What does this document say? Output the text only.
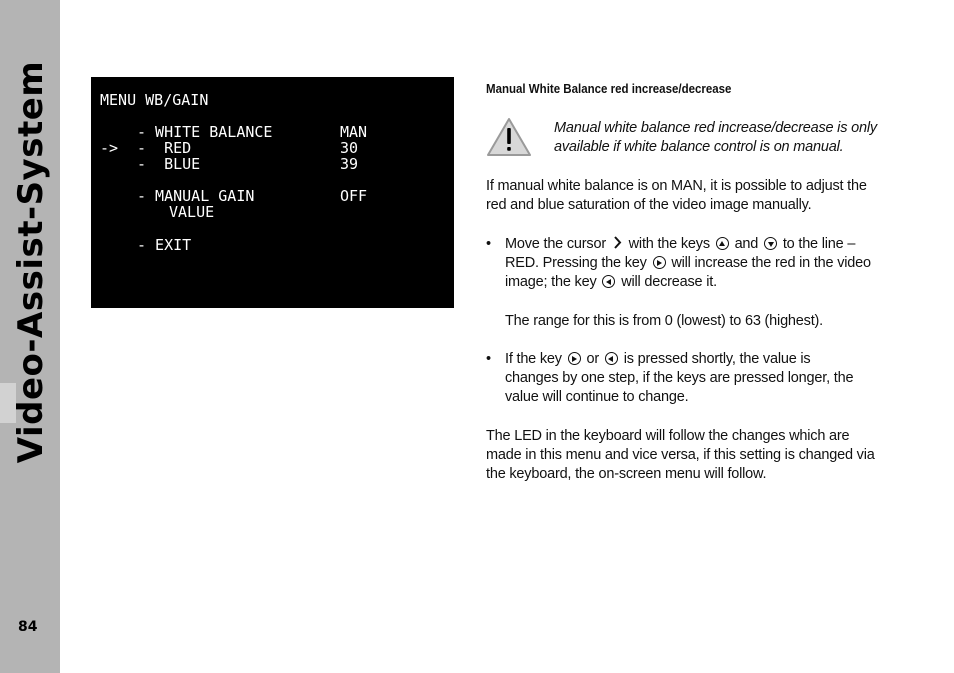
Video-Assist-System
84
MENU WB/GAIN
- WHITE BALANCE	MAN
-> -  RED	30
-  BLUE	39
- MANUAL GAIN	OFF
VALUE
- EXIT
Manual White Balance red increase/decrease
Manual white balance red increase/decrease is only available if white balance control is on manual.
If manual white balance is on MAN, it is possible to adjust the red and blue saturation of the video image manually.
• Move the cursor with the keys and to the line – RED. Pressing the key will increase the red in the video image; the key will decrease it.
The range for this is from 0 (lowest) to 63 (highest).
• If the key or is pressed shortly, the value is changes by one step, if the keys are pressed longer, the value will continue to change.
The LED in the keyboard will follow the changes which are made in this menu and vice versa, if this setting is changed via the keyboard, the on-screen menu will follow.
